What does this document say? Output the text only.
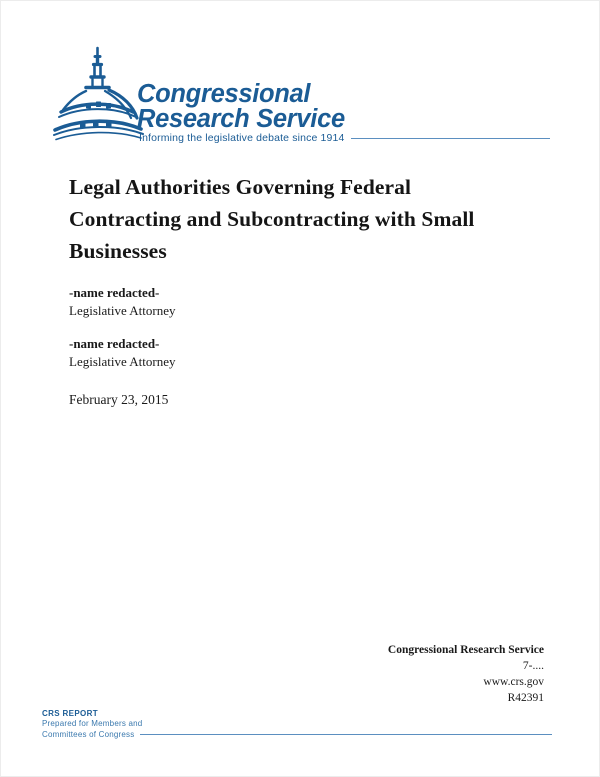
Congressional
Research Service
Informing the legislative debate since 1914
Legal Authorities Governing Federal Contracting and Subcontracting with Small Businesses
-name redacted-
Legislative Attorney
-name redacted-
Legislative Attorney
February 23, 2015
Congressional Research Service
7-....
www.crs.gov
R42391
CRS REPORT
Prepared for Members and
Committees of Congress
